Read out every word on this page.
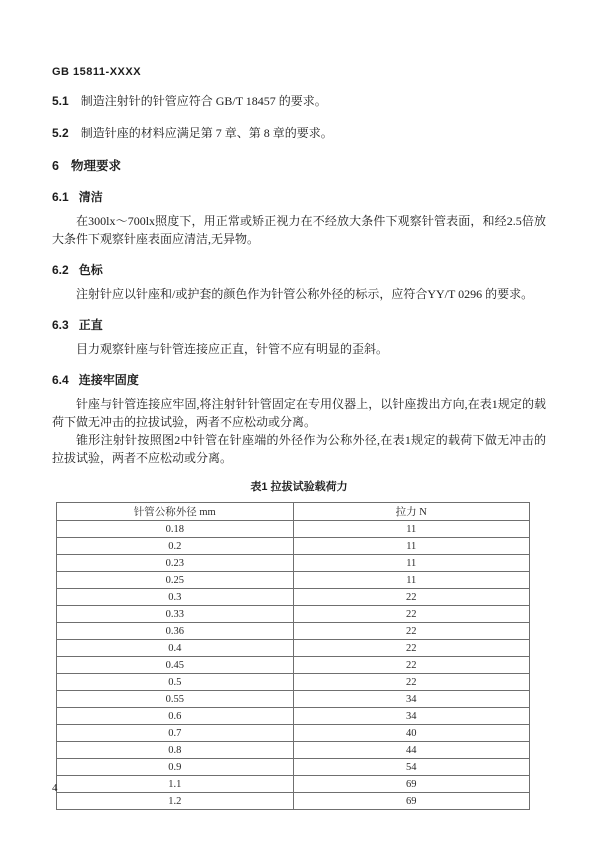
GB 15811-XXXX
5.1 制造注射针的针管应符合 GB/T 18457 的要求。
5.2 制造针座的材料应满足第 7 章、第 8 章的要求。
6 物理要求
6.1 清洁

在300lx～700lx照度下，用正常或矫正视力在不经放大条件下观察针管表面，和经2.5倍放大条件下观察针座表面应清洁,无异物。

6.2 色标

注射针应以针座和/或护套的颜色作为针管公称外径的标示，应符合YY/T 0296 的要求。

6.3 正直

目力观察针座与针管连接应正直，针管不应有明显的歪斜。

6.4 连接牢固度

针座与针管连接应牢固,将注射针针管固定在专用仪器上，以针座拨出方向,在表1规定的载荷下做无冲击的拉拔试验，两者不应松动或分离。

锥形注射针按照图2中针管在针座端的外径作为公称外径,在表1规定的载荷下做无冲击的拉拔试验，两者不应松动或分离。

表1 拉拔试验载荷力
针管公称外径 mm	拉力 N
0.18	11
0.2	11
0.23	11
0.25	11
0.3	22
0.33	22
0.36	22
0.4	22
0.45	22
0.5	22
0.55	34
0.6	34
0.7	40
0.8	44
0.9	54
1.1	69
1.2	69
4
